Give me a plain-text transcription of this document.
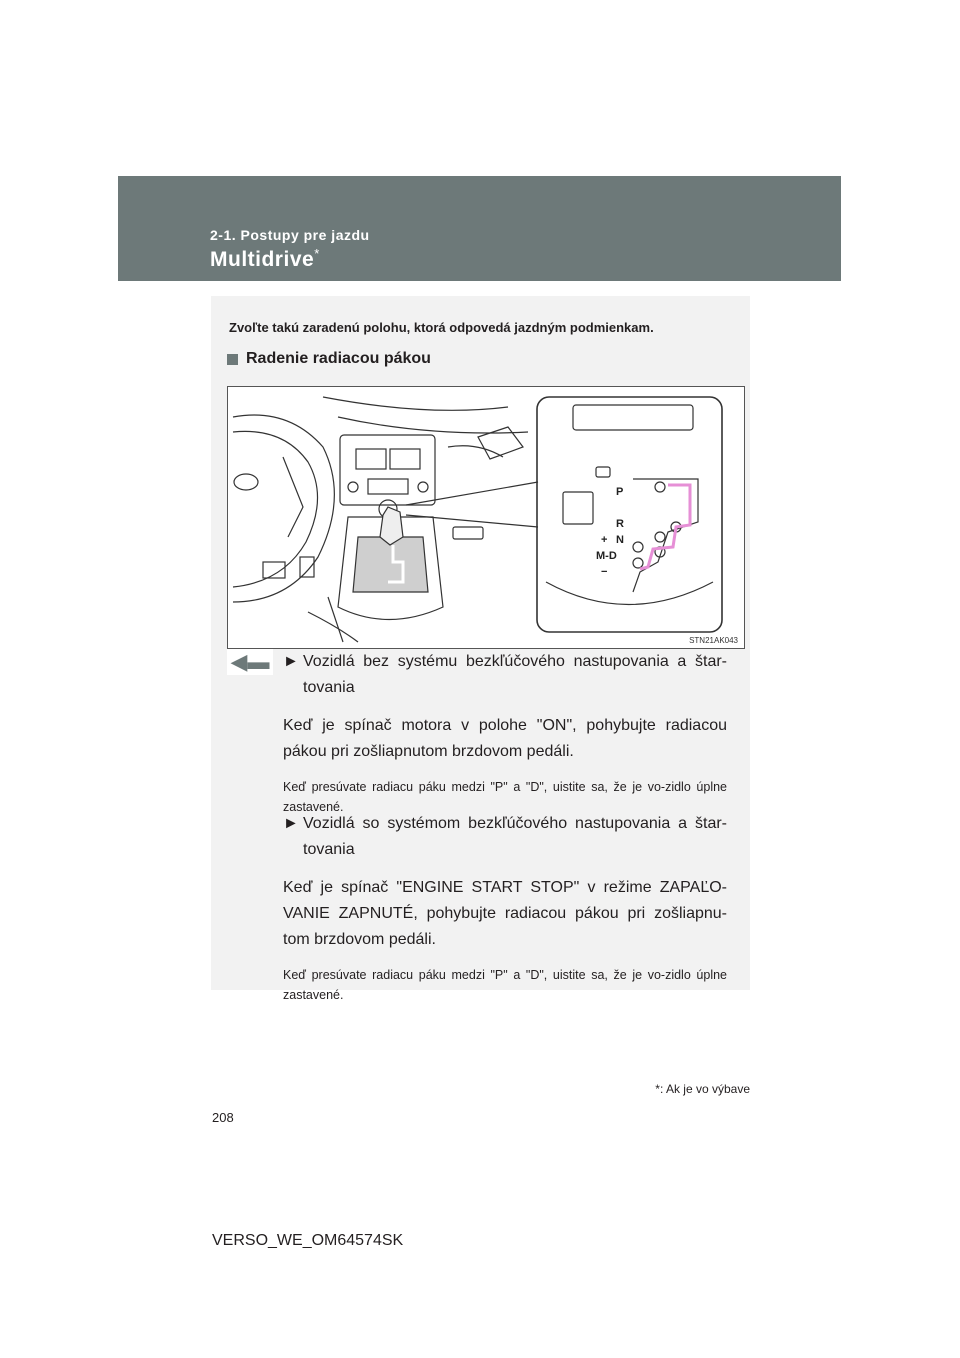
2-1. Postupy pre jazdu
Multidrive*
Zvoľte takú zaradenú polohu, ktorá odpovedá jazdným podmienkam.
Radenie radiacou pákou
P
R
+ N
M-D
−
STN21AK043
◀▬ ► Vozidlá bez systému bezkľúčového nastupovania a štar-tovania
Keď je spínač motora v polohe "ON", pohybujte radiacou pákou pri zošliapnutom brzdovom pedáli.
Keď presúvate radiacu páku medzi "P" a "D", uistite sa, že je vo-zidlo úplne zastavené.
► Vozidlá so systémom bezkľúčového nastupovania a štar-tovania
Keď je spínač "ENGINE START STOP" v režime ZAPAĽO-VANIE ZAPNUTÉ, pohybujte radiacou pákou pri zošliapnu-tom brzdovom pedáli.
Keď presúvate radiacu páku medzi "P" a "D", uistite sa, že je vo-zidlo úplne zastavené.
*: Ak je vo výbave
208
VERSO_WE_OM64574SK
